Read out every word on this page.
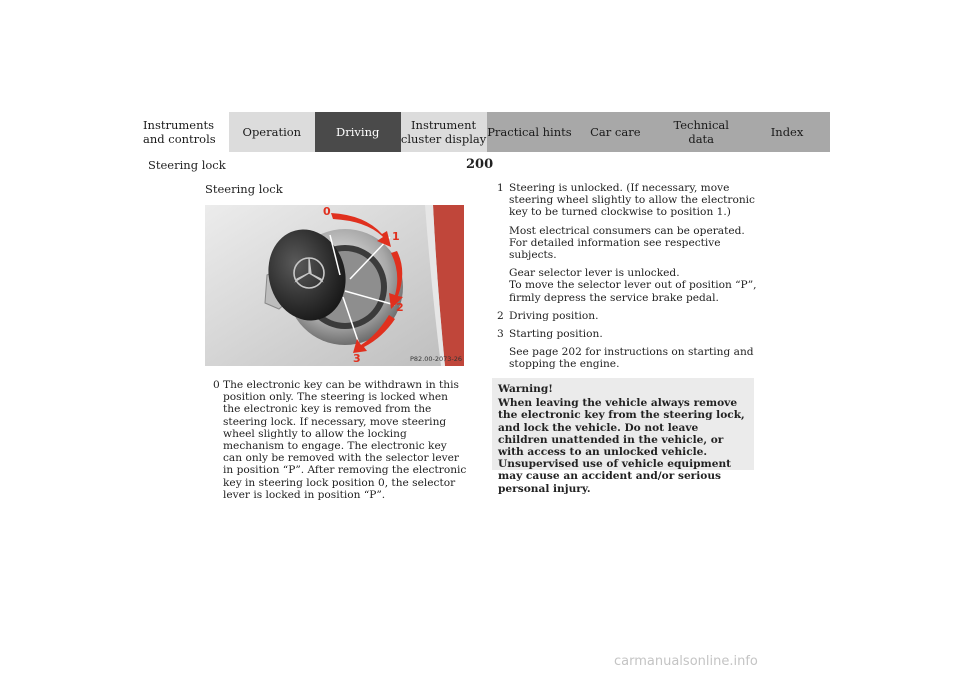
Instruments
and controls	Operation	Driving	Instrument
cluster display Practical hints	Car care	Technical
data	Index
Steering lock	200
Steering lock
0
1
2
3	P82.00-2073-26
0 The electronic key can be withdrawn in this position only. The steering is locked when the electronic key is removed from the steering lock. If necessary, move steering wheel slightly to allow the locking mechanism to engage. The electronic key can only be removed with the selector lever in position “P”. After removing the electronic key in steering lock position 0, the selector lever is locked in position “P”.
1 Steering is unlocked. (If necessary, move steering wheel slightly to allow the electronic key to be turned clockwise to position 1.)

Most electrical consumers can be operated. For detailed information see respective subjects.

Gear selector lever is unlocked.
To move the selector lever out of position “P”, firmly depress the service brake pedal.

2 Driving position.

3 Starting position.

See page 202 for instructions on starting and stopping the engine.

Warning!
When leaving the vehicle always remove the electronic key from the steering lock, and lock the vehicle. Do not leave children unattended in the vehicle, or with access to an unlocked vehicle. Unsupervised use of vehicle equipment may cause an accident and/or serious personal injury.
carmanualsonline.info
